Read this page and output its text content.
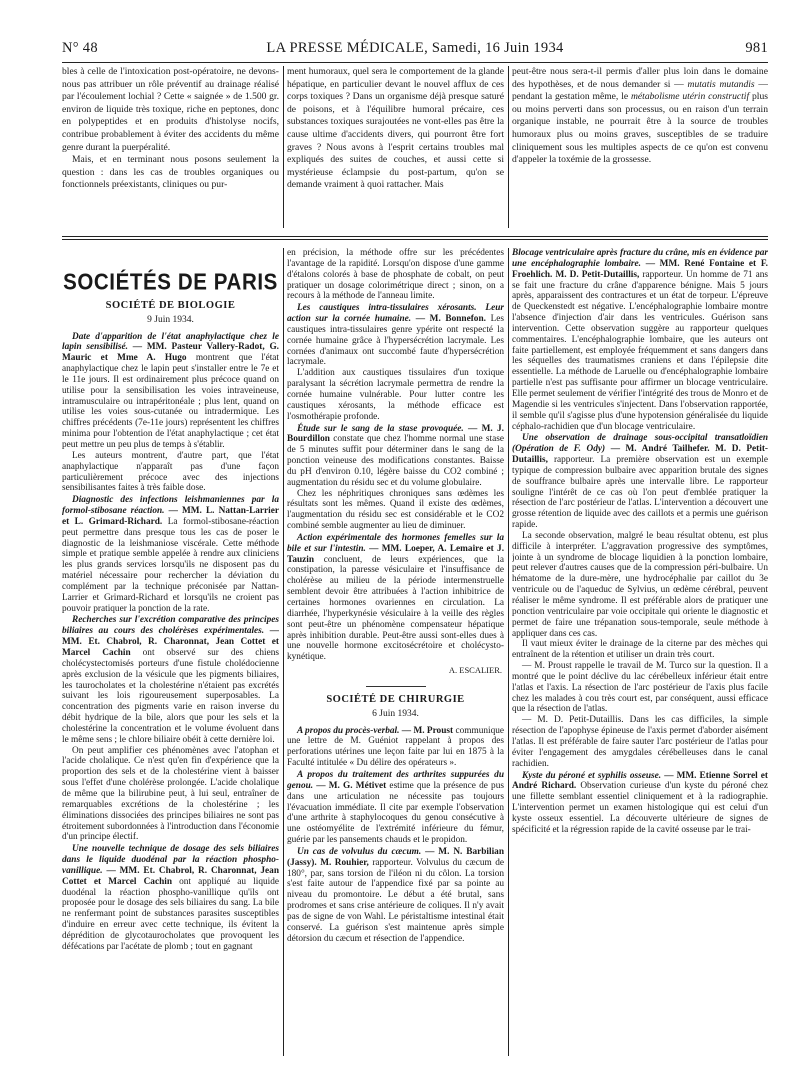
N° 48	LA PRESSE MÉDICALE, Samedi, 16 Juin 1934	981

bles à celle de l'intoxication post-opératoire, ne devons-nous pas attribuer un rôle préventif au drainage réalisé par l'écoulement lochial ? Cette « saignée » de 1.500 gr. environ de liquide très toxique, riche en peptones, donc en polypeptides et en produits d'histolyse nocifs, contribue probablement à éviter des accidents du même genre durant la puerpéralité.

Mais, et en terminant nous posons seulement la question : dans les cas de troubles organiques ou fonctionnels préexistants, cliniques ou pur-

ment humoraux, quel sera le comportement de la glande hépatique, en particulier devant le nouvel afflux de ces corps toxiques ? Dans un organisme déjà presque saturé de poisons, et à l'équilibre humoral précaire, ces substances toxiques surajoutées ne vont-elles pas être la cause ultime d'accidents divers, qui pourront être fort graves ? Nous avons à l'esprit certains troubles mal expliqués des suites de couches, et aussi cette si mystérieuse éclampsie du post-partum, qu'on se demande vraiment à quoi rattacher. Mais

peut-être nous sera-t-il permis d'aller plus loin dans le domaine des hypothèses, et de nous demander si — mutatis mutandis — pendant la gestation même, le métabolisme utérin constructif plus ou moins perverti dans son processus, ou en raison d'un terrain organique instable, ne pourrait être à la source de troubles humoraux plus ou moins graves, susceptibles de se traduire cliniquement sous les multiples aspects de ce qu'on est convenu d'appeler la toxémie de la grossesse.

SOCIÉTÉS DE PARIS
SOCIÉTÉ DE BIOLOGIE
9 Juin 1934.

Date d'apparition de l'état anaphylactique chez le lapin sensibilisé. — MM. Pasteur Vallery-Radot, G. Mauric et Mme A. Hugo montrent que l'état anaphylactique chez le lapin peut s'installer entre le 7e et le 11e jours. Il est ordinairement plus précoce quand on utilise pour la sensibilisation les voies intraveineuse, intramusculaire ou intrapéritonéale ; plus lent, quand on utilise les voies sous-cutanée ou intradermique. Les chiffres précédents (7e-11e jours) représentent les chiffres minima pour l'obtention de l'état anaphylactique ; cet état peut mettre un peu plus de temps à s'établir.

Les auteurs montrent, d'autre part, que l'état anaphylactique n'apparaît pas d'une façon particulièrement précoce avec des injections sensibilisantes faites à très faible dose.

Diagnostic des infections leishmaniennes par la formol-stibosane réaction. — MM. L. Nattan-Larrier et L. Grimard-Richard. La formol-stibosane-réaction peut permettre dans presque tous les cas de poser le diagnostic de la leishmaniose viscérale. Cette méthode simple et pratique semble appelée à rendre aux cliniciens les plus grands services lorsqu'ils ne disposent pas du matériel nécessaire pour rechercher la déviation du complément par la technique préconisée par Nattan-Larrier et Grimard-Richard et lorsqu'ils ne croient pas pouvoir pratiquer la ponction de la rate.

Recherches sur l'excrétion comparative des principes biliaires au cours des cholérèses expérimentales. — MM. Et. Chabrol, R. Charonnat, Jean Cottet et Marcel Cachin ont observé sur des chiens cholécystectomisés porteurs d'une fistule cholédocienne après exclusion de la vésicule que les pigments biliaires, les taurocholates et la cholestérine n'étaient pas excrétés suivant les lois rigoureusement superposables. La concentration des pigments varie en raison inverse du débit hydrique de la bile, alors que pour les sels et la cholestérine la concentration et le volume évoluent dans le même sens ; le chlore biliaire obéit à cette dernière loi.

On peut amplifier ces phénomènes avec l'atophan et l'acide cholalique. Ce n'est qu'en fin d'expérience que la proportion des sels et de la cholestérine vient à baisser sous l'effet d'une cholérèse prolongée. L'acide cholalique de même que la bilirubine peut, à lui seul, entraîner de remarquables excrétions de la cholestérine ; les éliminations dissociées des principes biliaires ne sont pas étroitement subordonnées à l'introduction dans l'économie d'un principe électif.

Une nouvelle technique de dosage des sels biliaires dans le liquide duodénal par la réaction phospho-vanillique. — MM. Et. Chabrol, R. Charonnat, Jean Cottet et Marcel Cachin ont appliqué au liquide duodénal la réaction phospho-vanillique qu'ils ont proposée pour le dosage des sels biliaires du sang. La bile ne renfermant point de substances parasites susceptibles d'induire en erreur avec cette technique, ils évitent la déprédition de glycotaurocholates que provoquent les défécations par l'acétate de plomb ; tout en gagnant

en précision, la méthode offre sur les précédentes l'avantage de la rapidité. Lorsqu'on dispose d'une gamme d'étalons colorés à base de phosphate de cobalt, on peut pratiquer un dosage colorimétrique direct ; sinon, on a recours à la méthode de l'anneau limite.

Les caustiques intra-tissulaires xérosants. Leur action sur la cornée humaine. — M. Bonnefon. Les caustiques intra-tissulaires genre ypérite ont respecté la cornée humaine grâce à l'hypersécrétion lacrymale. Les cornées d'animaux ont succombé faute d'hypersécrétion lacrymale.

L'addition aux caustiques tissulaires d'un toxique paralysant la sécrétion lacrymale permettra de rendre la cornée humaine vulnérable. Pour lutter contre les caustiques xérosants, la méthode efficace est l'osmothérapie profonde.

Étude sur le sang de la stase provoquée. — M. J. Bourdillon constate que chez l'homme normal une stase de 5 minutes suffit pour déterminer dans le sang de la ponction veineuse des modifications constantes. Baisse du pH d'environ 0.10, légère baisse du CO2 combiné ; augmentation du résidu sec et du volume globulaire.

Chez les néphritiques chroniques sans œdèmes les résultats sont les mêmes. Quand il existe des œdèmes, l'augmentation du résidu sec est considérable et le CO2 combiné semble augmenter au lieu de diminuer.

Action expérimentale des hormones femelles sur la bile et sur l'intestin. — MM. Loeper, A. Lemaire et J. Tauzin concluent, de leurs expériences, que la constipation, la paresse vésiculaire et l'insuffisance de cholérèse au milieu de la période intermenstruelle semblent devoir être attribuées à l'action inhibitrice de certaines hormones ovariennes en circulation. La diarrhée, l'hyperkynésie vésiculaire à la veille des règles sont peut-être un phénomène compensateur hépatique après inhibition durable. Peut-être aussi sont-elles dues à une nouvelle hormone excitosécrétoire et cholécysto-kynétique.

A. ESCALIER.
SOCIÉTÉ DE CHIRURGIE
6 Juin 1934.

A propos du procès-verbal. — M. Proust communique une lettre de M. Guéniot rappelant à propos des perforations utérines une leçon faite par lui en 1875 à la Faculté intitulée « Du délire des opérateurs ».

A propos du traitement des arthrites suppurées du genou. — M. G. Métivet estime que la présence de pus dans une articulation ne nécessite pas toujours l'évacuation immédiate. Il cite par exemple l'observation d'une arthrite à staphylocoques du genou consécutive à une ostéomyélite de l'extrémité inférieure du fémur, guérie par les pansements chauds et le propidon.

Un cas de volvulus du cæcum. — M. N. Barbilian (Jassy). M. Rouhier, rapporteur. Volvulus du cæcum de 180°, par, sans torsion de l'iléon ni du côlon. La torsion s'est faite autour de l'appendice fixé par sa pointe au niveau du promontoire. Le début a été brutal, sans prodromes et sans crise antérieure de coliques. Il n'y avait pas de signe de von Wahl. Le péristaltisme intestinal était conservé. La guérison s'est maintenue après simple détorsion du cæcum et résection de l'appendice.

Blocage ventriculaire après fracture du crâne, mis en évidence par une encéphalographie lombaire. — MM. René Fontaine et F. Froehlich. M. D. Petit-Dutaillis, rapporteur. Un homme de 71 ans se fait une fracture du crâne d'apparence bénigne. Mais 5 jours après, apparaissent des contractures et un état de torpeur. L'épreuve de Queckenstedt est négative. L'encéphalographie lombaire montre l'absence d'injection d'air dans les ventricules. Guérison sans intervention. Cette observation suggère au rapporteur quelques commentaires. L'encéphalographie lombaire, que les auteurs ont faite partiellement, est employée fréquemment et sans dangers dans les séquelles des traumatismes craniens et dans l'épilepsie dite essentielle. La méthode de Laruelle ou d'encéphalographie lombaire partielle n'est pas suffisante pour affirmer un blocage ventriculaire. Elle permet seulement de vérifier l'intégrité des trous de Monro et de Magendie si les ventricules s'injectent. Dans l'observation rapportée, il semble qu'il s'agisse plus d'une hypotension généralisée du liquide céphalo-rachidien que d'un blocage ventriculaire.

Une observation de drainage sous-occipital transatloïdien (Opération de F. Ody) — M. André Tailhefer. M. D. Petit-Dutaillis, rapporteur. La première observation est un exemple typique de compression bulbaire avec apparition brutale des signes de souffrance bulbaire après une intervalle libre. Le rapporteur souligne l'intérêt de ce cas où l'on peut d'emblée pratiquer la résection de l'arc postérieur de l'atlas. L'intervention a découvert une grosse rétention de liquide avec des caillots et a permis une guérison rapide.

La seconde observation, malgré le beau résultat obtenu, est plus difficile à interpréter. L'aggravation progressive des symptômes, jointe à un syndrome de blocage liquidien à la ponction lombaire, peut relever d'autres causes que de la compression péri-bulbaire. Un hématome de la dure-mère, une hydrocéphalie par caillot du 3e ventricule ou de l'aqueduc de Sylvius, un œdème cérébral, peuvent réaliser le même syndrome. Il est préférable alors de pratiquer une ponction ventriculaire par voie occipitale qui oriente le diagnostic et permet de faire une trépanation sous-temporale, seule méthode à appliquer dans ces cas.

Il vaut mieux éviter le drainage de la citerne par des mèches qui entraînent de la rétention et utiliser un drain très court.

— M. Proust rappelle le travail de M. Turco sur la question. Il a montré que le point déclive du lac cérébelleux inférieur était entre l'atlas et l'axis. La résection de l'arc postérieur de l'axis plus facile chez les malades à cou très court est, par conséquent, aussi efficace que la résection de l'atlas.

— M. D. Petit-Dutaillis. Dans les cas difficiles, la simple résection de l'apophyse épineuse de l'axis permet d'aborder aisément l'atlas. Il est préférable de faire sauter l'arc postérieur de l'atlas pour éviter l'engagement des amygdales cérébelleuses dans le canal rachidien.

Kyste du péroné et syphilis osseuse. — MM. Etienne Sorrel et André Richard. Observation curieuse d'un kyste du péroné chez une fillette semblant essentiel cliniquement et à la radiographie. L'intervention permet un examen histologique qui est celui d'un kyste osseux essentiel. La découverte ultérieure de signes de spécificité et la régression rapide de la cavité osseuse par le trai-
